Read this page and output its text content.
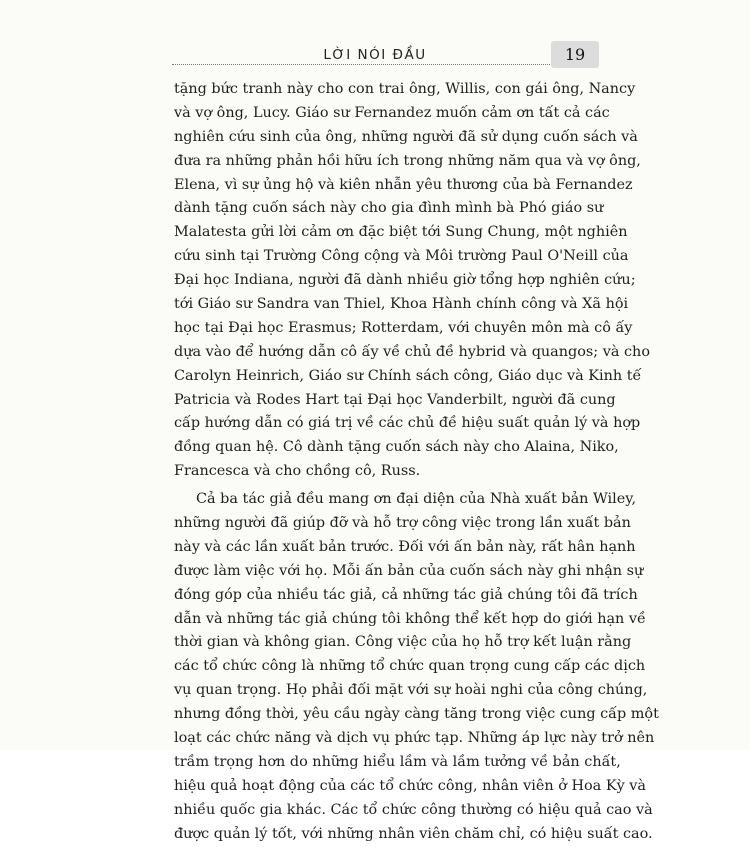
LỜI NÓI ĐẦU	19
tặng bức tranh này cho con trai ông, Willis, con gái ông, Nancy
và vợ ông, Lucy. Giáo sư Fernandez muốn cảm ơn tất cả các
nghiên cứu sinh của ông, những người đã sử dụng cuốn sách và
đưa ra những phản hồi hữu ích trong những năm qua và vợ ông,
Elena, vì sự ủng hộ và kiên nhẫn yêu thương của bà Fernandez
dành tặng cuốn sách này cho gia đình mình bà Phó giáo sư
Malatesta gửi lời cảm ơn đặc biệt tới Sung Chung, một nghiên
cứu sinh tại Trường Công cộng và Môi trường Paul O'Neill của
Đại học Indiana, người đã dành nhiều giờ tổng hợp nghiên cứu;
tới Giáo sư Sandra van Thiel, Khoa Hành chính công và Xã hội
học tại Đại học Erasmus; Rotterdam, với chuyên môn mà cô ấy
dựa vào để hướng dẫn cô ấy về chủ đề hybrid và quangos; và cho
Carolyn Heinrich, Giáo sư Chính sách công, Giáo dục và Kinh tế
Patricia và Rodes Hart tại Đại học Vanderbilt, người đã cung
cấp hướng dẫn có giá trị về các chủ đề hiệu suất quản lý và hợp
đồng quan hệ. Cô dành tặng cuốn sách này cho Alaina, Niko,
Francesca và cho chồng cô, Russ.
Cả ba tác giả đều mang ơn đại diện của Nhà xuất bản Wiley,
những người đã giúp đỡ và hỗ trợ công việc trong lần xuất bản
này và các lần xuất bản trước. Đối với ấn bản này, rất hân hạnh
được làm việc với họ. Mỗi ấn bản của cuốn sách này ghi nhận sự
đóng góp của nhiều tác giả, cả những tác giả chúng tôi đã trích
dẫn và những tác giả chúng tôi không thể kết hợp do giới hạn về
thời gian và không gian. Công việc của họ hỗ trợ kết luận rằng
các tổ chức công là những tổ chức quan trọng cung cấp các dịch
vụ quan trọng. Họ phải đối mặt với sự hoài nghi của công chúng,
nhưng đồng thời, yêu cầu ngày càng tăng trong việc cung cấp một
loạt các chức năng và dịch vụ phức tạp. Những áp lực này trở nên
trầm trọng hơn do những hiểu lầm và lầm tưởng về bản chất,
hiệu quả hoạt động của các tổ chức công, nhân viên ở Hoa Kỳ và
nhiều quốc gia khác. Các tổ chức công thường có hiệu quả cao và
được quản lý tốt, với những nhân viên chăm chỉ, có hiệu suất cao.
